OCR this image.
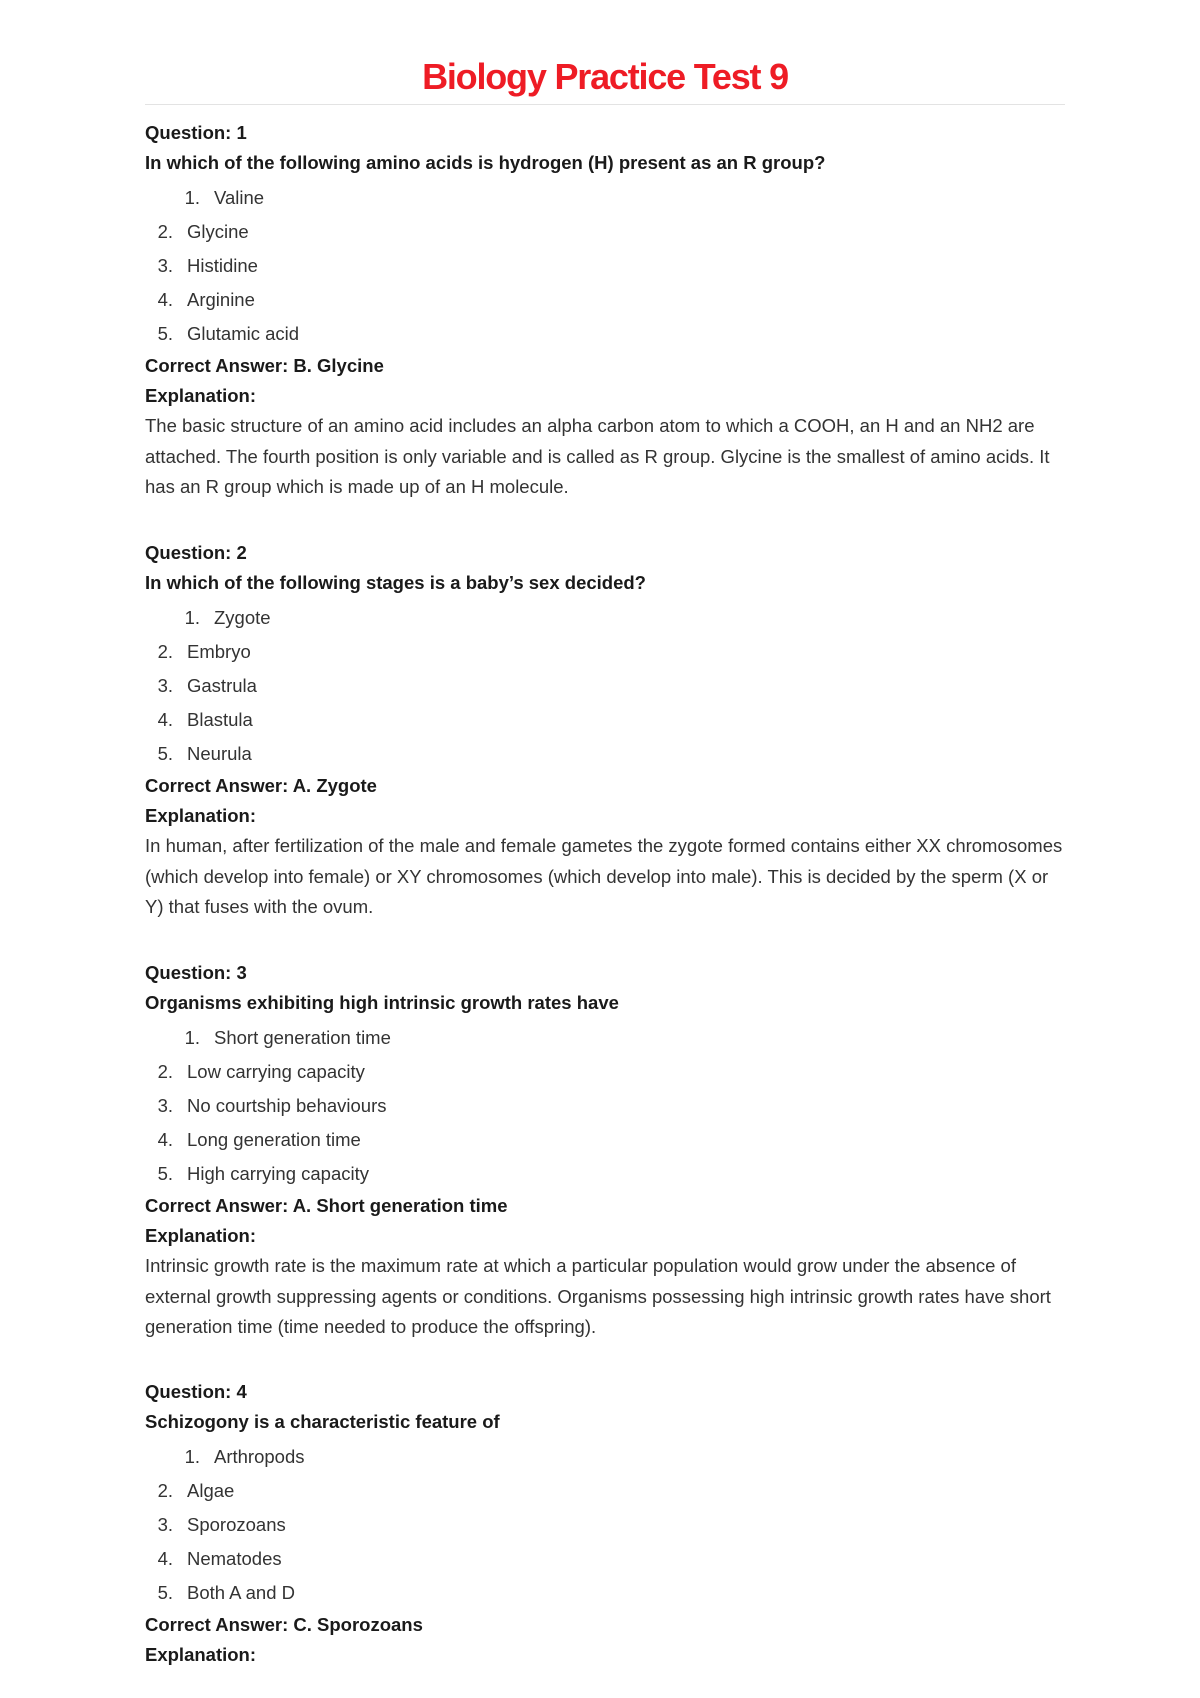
Biology Practice Test 9
Question: 1
In which of the following amino acids is hydrogen (H) present as an R group?
1. Valine
2. Glycine
3. Histidine
4. Arginine
5. Glutamic acid
Correct Answer: B. Glycine
Explanation:
The basic structure of an amino acid includes an alpha carbon atom to which a COOH, an H and an NH2 are attached. The fourth position is only variable and is called as R group. Glycine is the smallest of amino acids. It has an R group which is made up of an H molecule.
Question: 2
In which of the following stages is a baby’s sex decided?
1. Zygote
2. Embryo
3. Gastrula
4. Blastula
5. Neurula
Correct Answer: A. Zygote
Explanation:
In human, after fertilization of the male and female gametes the zygote formed contains either XX chromosomes (which develop into female) or XY chromosomes (which develop into male). This is decided by the sperm (X or Y) that fuses with the ovum.
Question: 3
Organisms exhibiting high intrinsic growth rates have
1. Short generation time
2. Low carrying capacity
3. No courtship behaviours
4. Long generation time
5. High carrying capacity
Correct Answer: A. Short generation time
Explanation:
Intrinsic growth rate is the maximum rate at which a particular population would grow under the absence of external growth suppressing agents or conditions. Organisms possessing high intrinsic growth rates have short generation time (time needed to produce the offspring).
Question: 4
Schizogony is a characteristic feature of
1. Arthropods
2. Algae
3. Sporozoans
4. Nematodes
5. Both A and D
Correct Answer: C. Sporozoans
Explanation:
